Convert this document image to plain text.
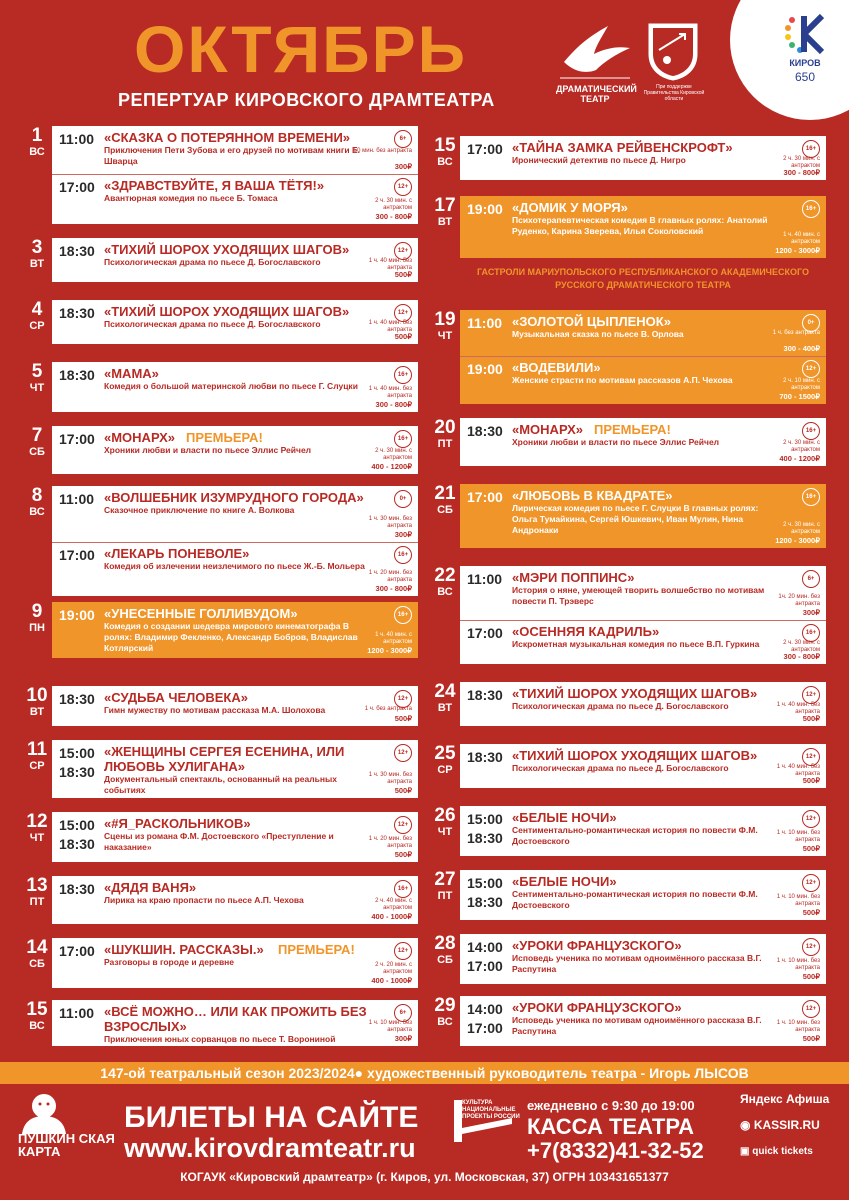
ОКТЯБРЬ
РЕПЕРТУАР КИРОВСКОГО ДРАМТЕАТРА
ДРАМАТИЧЕСКИЙ ТЕАТР
При поддержке Правительства Кировской области
КИРОВ
650
1
ВС
11:00 «СКАЗКА О ПОТЕРЯННОМ ВРЕМЕНИ»
Приключения Пети Зубова и его друзей по мотивам книги Е. Шварца
6+
50 мин. без антракта
300₽
17:00 «ЗДРАВСТВУЙТЕ, Я ВАША ТЁТЯ!»
Авантюрная комедия по пьесе Б. Томаса
12+
2 ч. 30 мин. с антрактом
300 - 800₽
3
ВТ
18:30 «ТИХИЙ ШОРОХ УХОДЯЩИХ ШАГОВ»
Психологическая драма по пьесе Д. Богославского
12+
1 ч. 40 мин. без антракта
500₽
4
СР
18:30 «ТИХИЙ ШОРОХ УХОДЯЩИХ ШАГОВ»
Психологическая драма по пьесе Д. Богославского
12+
1 ч. 40 мин. без антракта
500₽
5
ЧТ
18:30 «МАМА»
Комедия о большой материнской любви по пьесе Г. Слуцки
16+
1 ч. 40 мин. без антракта
300 - 800₽
7
СБ
17:00 «МОНАРХ»
Хроники любви и власти по пьесе Эллис Рейчел
16+
2 ч. 30 мин. с антрактом
400 - 1200₽
ПРЕМЬЕРА!
8
ВС
11:00 «ВОЛШЕБНИК ИЗУМРУДНОГО ГОРОДА»
Сказочное приключение по книге А. Волкова
0+
1 ч. 30 мин. без антракта
300₽
17:00 «ЛЕКАРЬ ПОНЕВОЛЕ»
Комедия об излечении неизлечимого по пьесе Ж.-Б. Мольера
16+
1 ч. 20 мин. без антракта
300 - 800₽
9
ПН
19:00 «УНЕСЕННЫЕ ГОЛЛИВУДОМ»
Комедия о создании шедевра мирового кинематографа В ролях: Владимир Фекленко, Александр Бобров, Владислав Котлярский
16+
1 ч. 40 мин. с антрактом
1200 - 3000₽
10
ВТ
18:30 «СУДЬБА ЧЕЛОВЕКА»
Гимн мужеству по мотивам рассказа М.А. Шолохова
12+
1 ч. без антракта
500₽
11
СР
15:00
18:30
«ЖЕНЩИНЫ СЕРГЕЯ ЕСЕНИНА, ИЛИ ЛЮБОВЬ ХУЛИГАНА»
Документальный спектакль, основанный на реальных событиях
12+
1 ч. 30 мин. без антракта
500₽
12
ЧТ
15:00
18:30
«#Я_РАСКОЛЬНИКОВ»
Сцены из романа Ф.М. Достоевского «Преступление и наказание»
12+
1 ч. 20 мин. без антракта
500₽
13
ПТ
18:30 «ДЯДЯ ВАНЯ»
Лирика на краю пропасти по пьесе А.П. Чехова
16+
2 ч. 40 мин. с антрактом
400 - 1000₽
14
СБ
17:00 «ШУКШИН. РАССКАЗЫ.»
Разговоры в городе и деревне
12+
2 ч. 20 мин. с антрактом
400 - 1000₽
ПРЕМЬЕРА!
15
ВС
11:00 «ВСЁ МОЖНО… ИЛИ КАК ПРОЖИТЬ БЕЗ ВЗРОСЛЫХ»
Приключения юных сорванцов по пьесе Т. Ворониной
6+
1 ч. 10 мин. без антракта
300₽
15
ВС
17:00 «ТАЙНА ЗАМКА РЕЙВЕНСКРОФТ»
Иронический детектив по пьесе Д. Нигро
16+
2 ч. 30 мин. с антрактом
300 - 800₽
17
ВТ
19:00 «ДОМИК У МОРЯ»
Психотерапевтическая комедия В главных ролях: Анатолий Руденко, Карина Зверева, Илья Соколовский
16+
1 ч. 40 мин. с антрактом
1200 - 3000₽
19
ЧТ
11:00 «ЗОЛОТОЙ ЦЫПЛЕНОК»
Музыкальная сказка по пьесе В. Орлова
0+
1 ч. без антракта
300 - 400₽
19:00 «ВОДЕВИЛИ»
Женские страсти по мотивам рассказов А.П. Чехова
12+
2 ч. 10 мин. с антрактом
700 - 1500₽
20
ПТ
18:30 «МОНАРХ»
Хроники любви и власти по пьесе Эллис Рейчел
16+
2 ч. 30 мин. с антрактом
400 - 1200₽
ПРЕМЬЕРА!
21
СБ
17:00 «ЛЮБОВЬ В КВАДРАТЕ»
Лирическая комедия по пьесе Г. Слуцки В главных ролях: Ольга Тумайкина, Сергей Юшкевич, Иван Мулин, Нина Андронаки
16+
2 ч. 30 мин. с антрактом
1200 - 3000₽
22
ВС
11:00 «МЭРИ ПОППИНС»
История о няне, умеющей творить волшебство по мотивам повести П. Трэверс
6+
1ч. 20 мин. без антракта
300₽
17:00 «ОСЕННЯЯ КАДРИЛЬ»
Искрометная музыкальная комедия по пьесе В.П. Гуркина
16+
2 ч. 30 мин. с антрактом
300 - 800₽
24
ВТ
18:30 «ТИХИЙ ШОРОХ УХОДЯЩИХ ШАГОВ»
Психологическая драма по пьесе Д. Богославского
12+
1 ч. 40 мин. без антракта
500₽
25
СР
18:30 «ТИХИЙ ШОРОХ УХОДЯЩИХ ШАГОВ»
Психологическая драма по пьесе Д. Богославского
12+
1 ч. 40 мин. без антракта
500₽
26
ЧТ
15:00
18:30
«БЕЛЫЕ НОЧИ»
Сентиментально-романтическая история по повести Ф.М. Достоевского
12+
1 ч. 10 мин. без антракта
500₽
27
ПТ
15:00
18:30
«БЕЛЫЕ НОЧИ»
Сентиментально-романтическая история по повести Ф.М. Достоевского
12+
1 ч. 10 мин. без антракта
500₽
28
СБ
14:00
17:00
«УРОКИ ФРАНЦУЗСКОГО»
Исповедь ученика по мотивам одноимённого рассказа В.Г. Распутина
12+
1 ч. 10 мин. без антракта
500₽
29
ВС
14:00
17:00
«УРОКИ ФРАНЦУЗСКОГО»
Исповедь ученика по мотивам одноимённого рассказа В.Г. Распутина
12+
1 ч. 10 мин. без антракта
500₽
ГАСТРОЛИ МАРИУПОЛЬСКОГО РЕСПУБЛИКАНСКОГО АКАДЕМИЧЕСКОГО РУССКОГО ДРАМАТИЧЕСКОГО ТЕАТРА
147-ой театральный сезон 2023/2024● художественный руководитель театра - Игорь ЛЫСОВ
ПУШКИН СКАЯ КАРТА
БИЛЕТЫ НА САЙТЕ
www.kirovdramteatr.ru
КУЛЬТУРА НАЦИОНАЛЬНЫЕ ПРОЕКТЫ РОССИИ
ежедневно с 9:30 до 19:00
КАССА ТЕАТРА
+7(8332)41-32-52
Яндекс Афиша
◉ KASSIR.RU
▣ quick tickets
КОГАУК «Кировский драмтеатр» (г. Киров, ул. Московская, 37) ОГРН 103431651377
